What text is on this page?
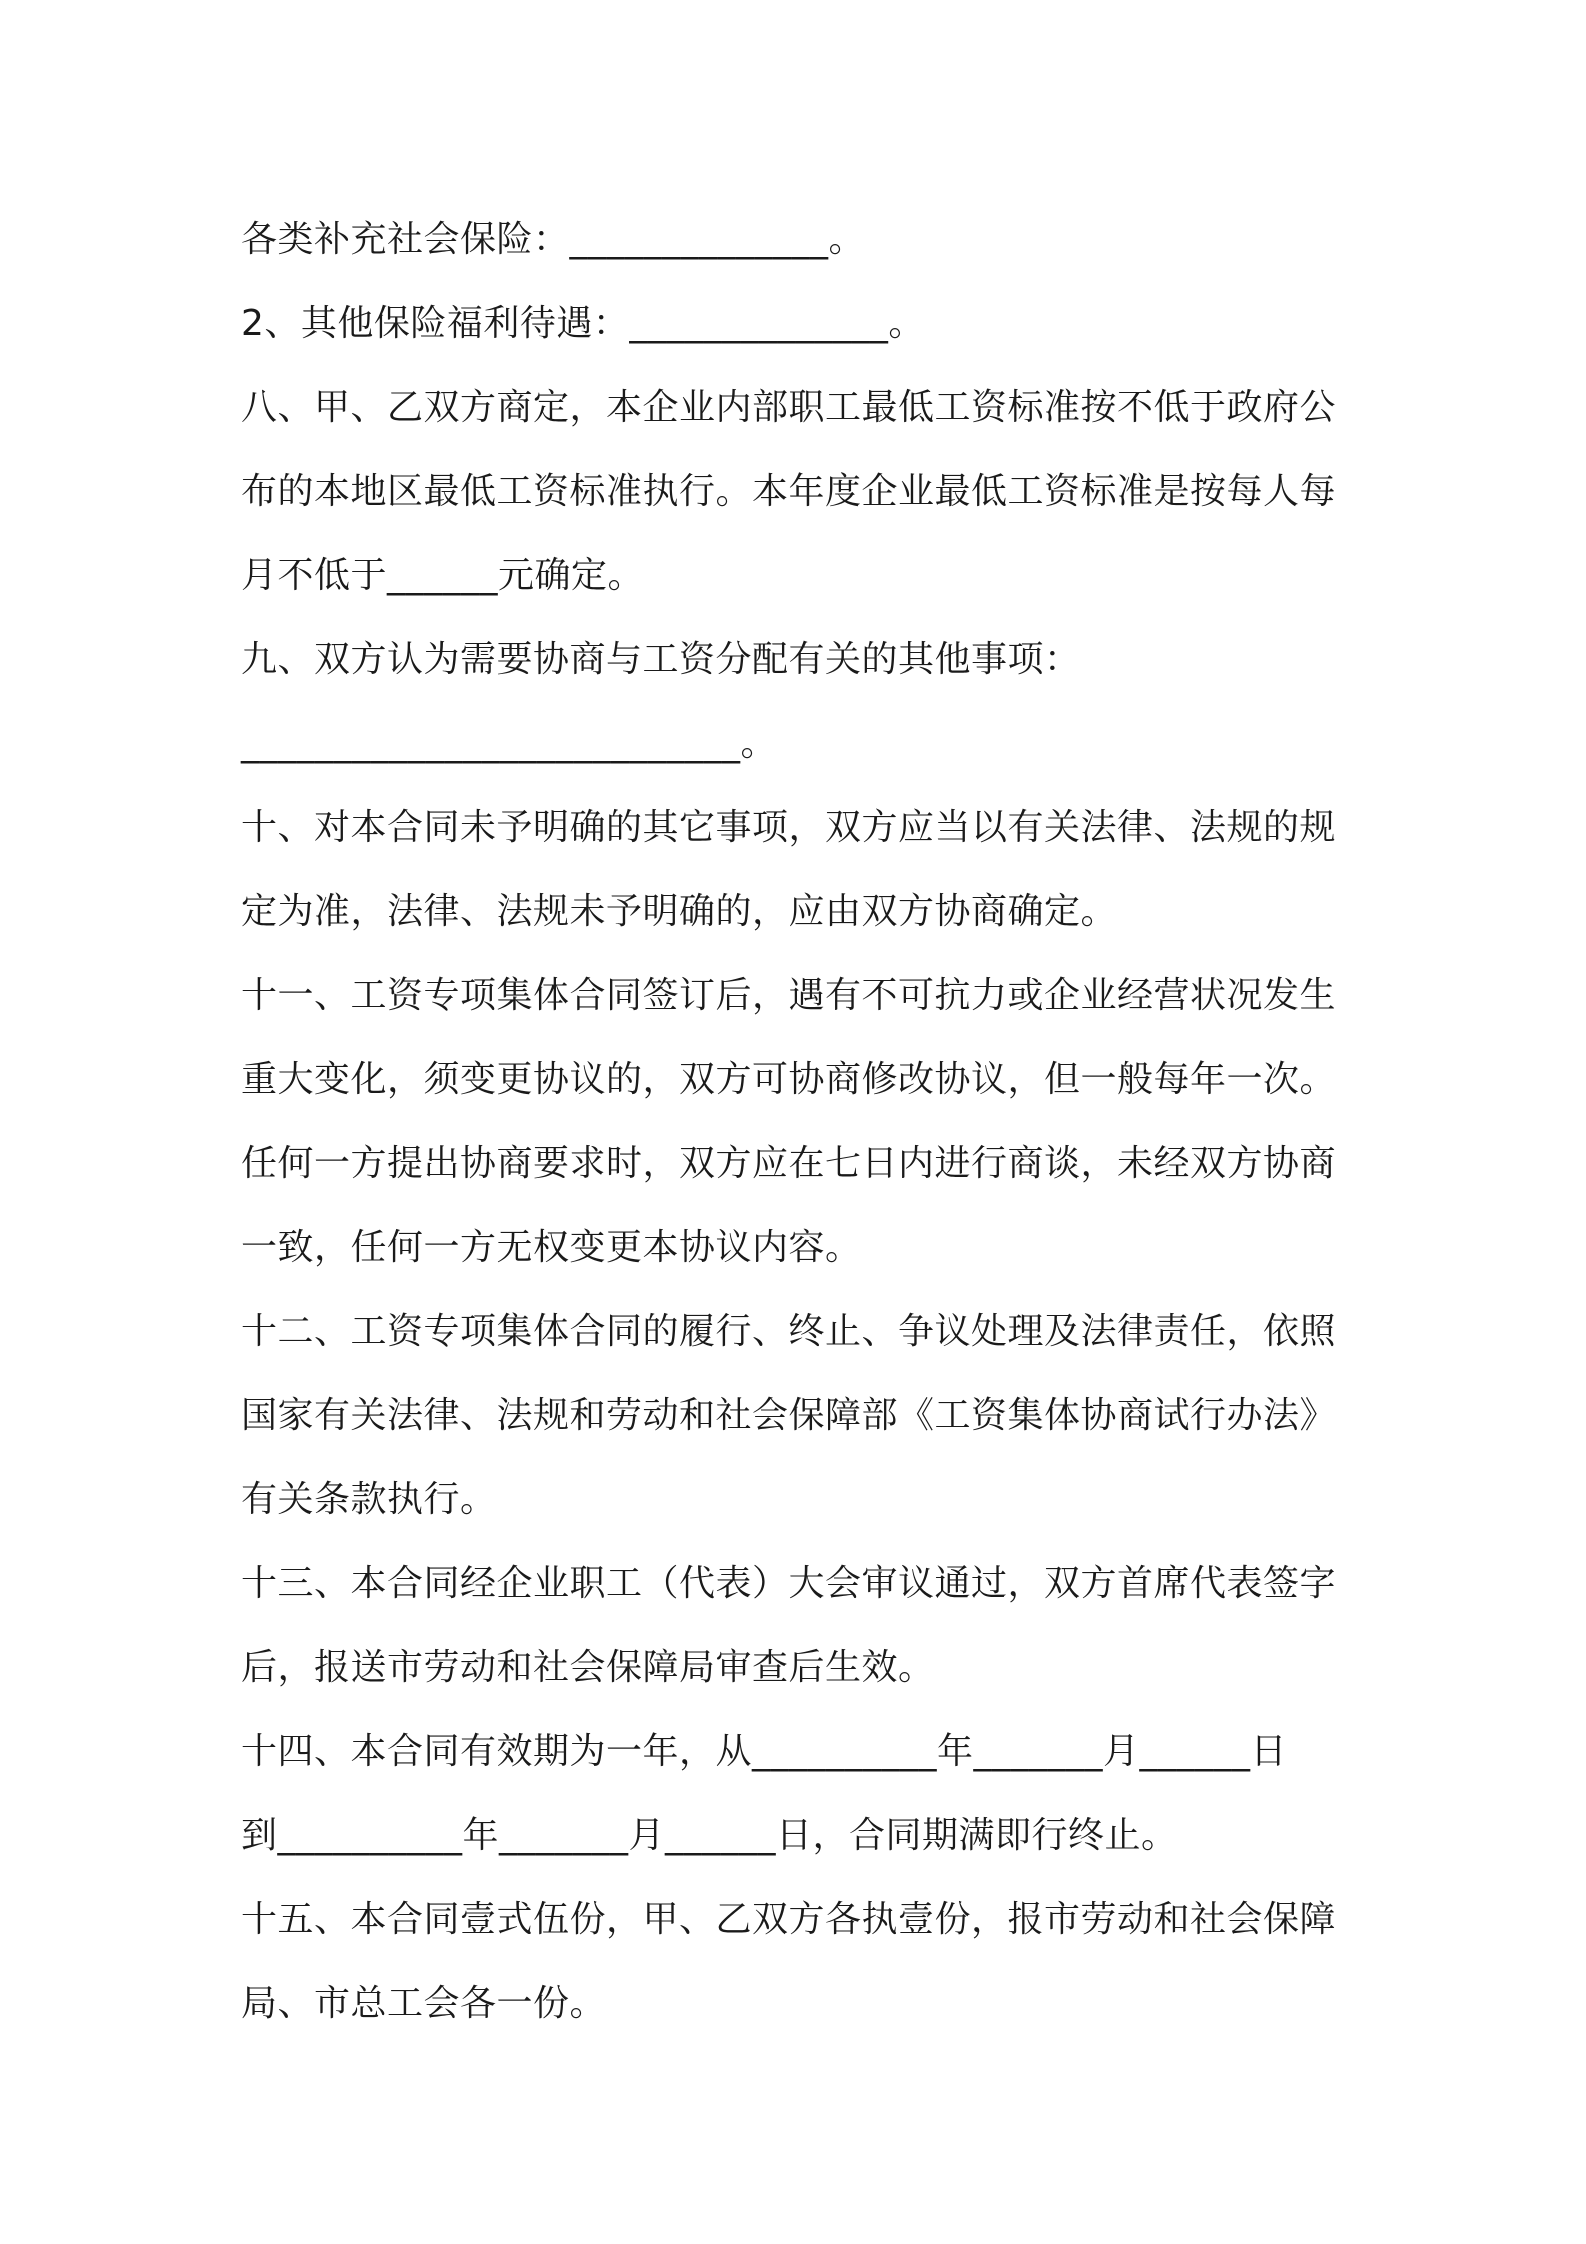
各类补充社会保险：______________。
2、其他保险福利待遇：______________。
八、甲、乙双方商定，本企业内部职工最低工资标准按不低于政府公
布的本地区最低工资标准执行。本年度企业最低工资标准是按每人每
月不低于______元确定。
九、双方认为需要协商与工资分配有关的其他事项：
___________________________。
十、对本合同未予明确的其它事项，双方应当以有关法律、法规的规
定为准，法律、法规未予明确的，应由双方协商确定。
十一、工资专项集体合同签订后，遇有不可抗力或企业经营状况发生
重大变化，须变更协议的，双方可协商修改协议，但一般每年一次。
任何一方提出协商要求时，双方应在七日内进行商谈，未经双方协商
一致，任何一方无权变更本协议内容。
十二、工资专项集体合同的履行、终止、争议处理及法律责任，依照
国家有关法律、法规和劳动和社会保障部《工资集体协商试行办法》
有关条款执行。
十三、本合同经企业职工（代表）大会审议通过，双方首席代表签字
后，报送市劳动和社会保障局审查后生效。
十四、本合同有效期为一年，从__________年_______月______日
到__________年_______月______日，合同期满即行终止。
十五、本合同壹式伍份，甲、乙双方各执壹份，报市劳动和社会保障
局、市总工会各一份。
